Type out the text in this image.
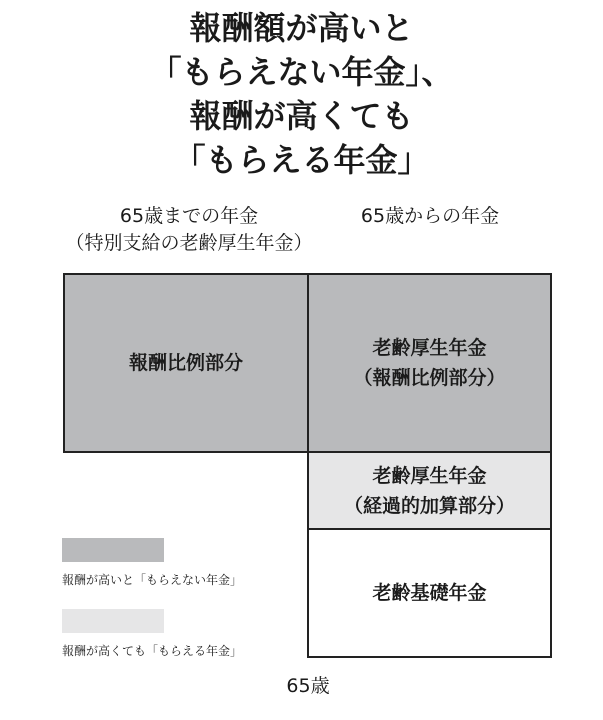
報酬額が高いと
「もらえない年金」、
報酬が高くても
「もらえる年金」
65歳までの年金
（特別支給の老齢厚生年金）
65歳からの年金
報酬比例部分
老齢厚生年金
（報酬比例部分）
老齢厚生年金
（経過的加算部分）
老齢基礎年金
報酬が高いと「もらえない年金」
報酬が高くても「もらえる年金」
65歳
